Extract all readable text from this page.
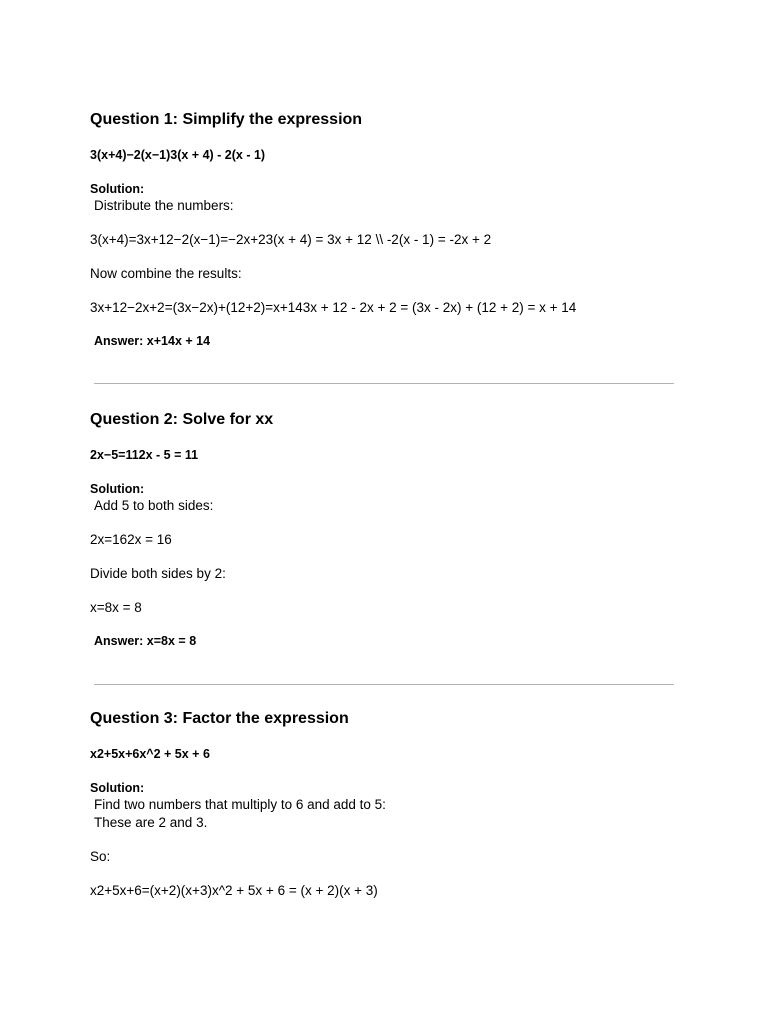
Question 1: Simplify the expression

3(x+4)−2(x−1)3(x + 4) - 2(x - 1)

Solution:

Distribute the numbers:

3(x+4)=3x+12−2(x−1)=−2x+23(x + 4) = 3x + 12 \\ -2(x - 1) = -2x + 2

Now combine the results:

3x+12−2x+2=(3x−2x)+(12+2)=x+143x + 12 - 2x + 2 = (3x - 2x) + (12 + 2) = x + 14

Answer: x+14x + 14

Question 2: Solve for xx

2x−5=112x - 5 = 11

Solution:

Add 5 to both sides:

2x=162x = 16

Divide both sides by 2:

x=8x = 8

Answer: x=8x = 8

Question 3: Factor the expression

x2+5x+6x^2 + 5x + 6

Solution:

Find two numbers that multiply to 6 and add to 5:

These are 2 and 3.

So:

x2+5x+6=(x+2)(x+3)x^2 + 5x + 6 = (x + 2)(x + 3)
